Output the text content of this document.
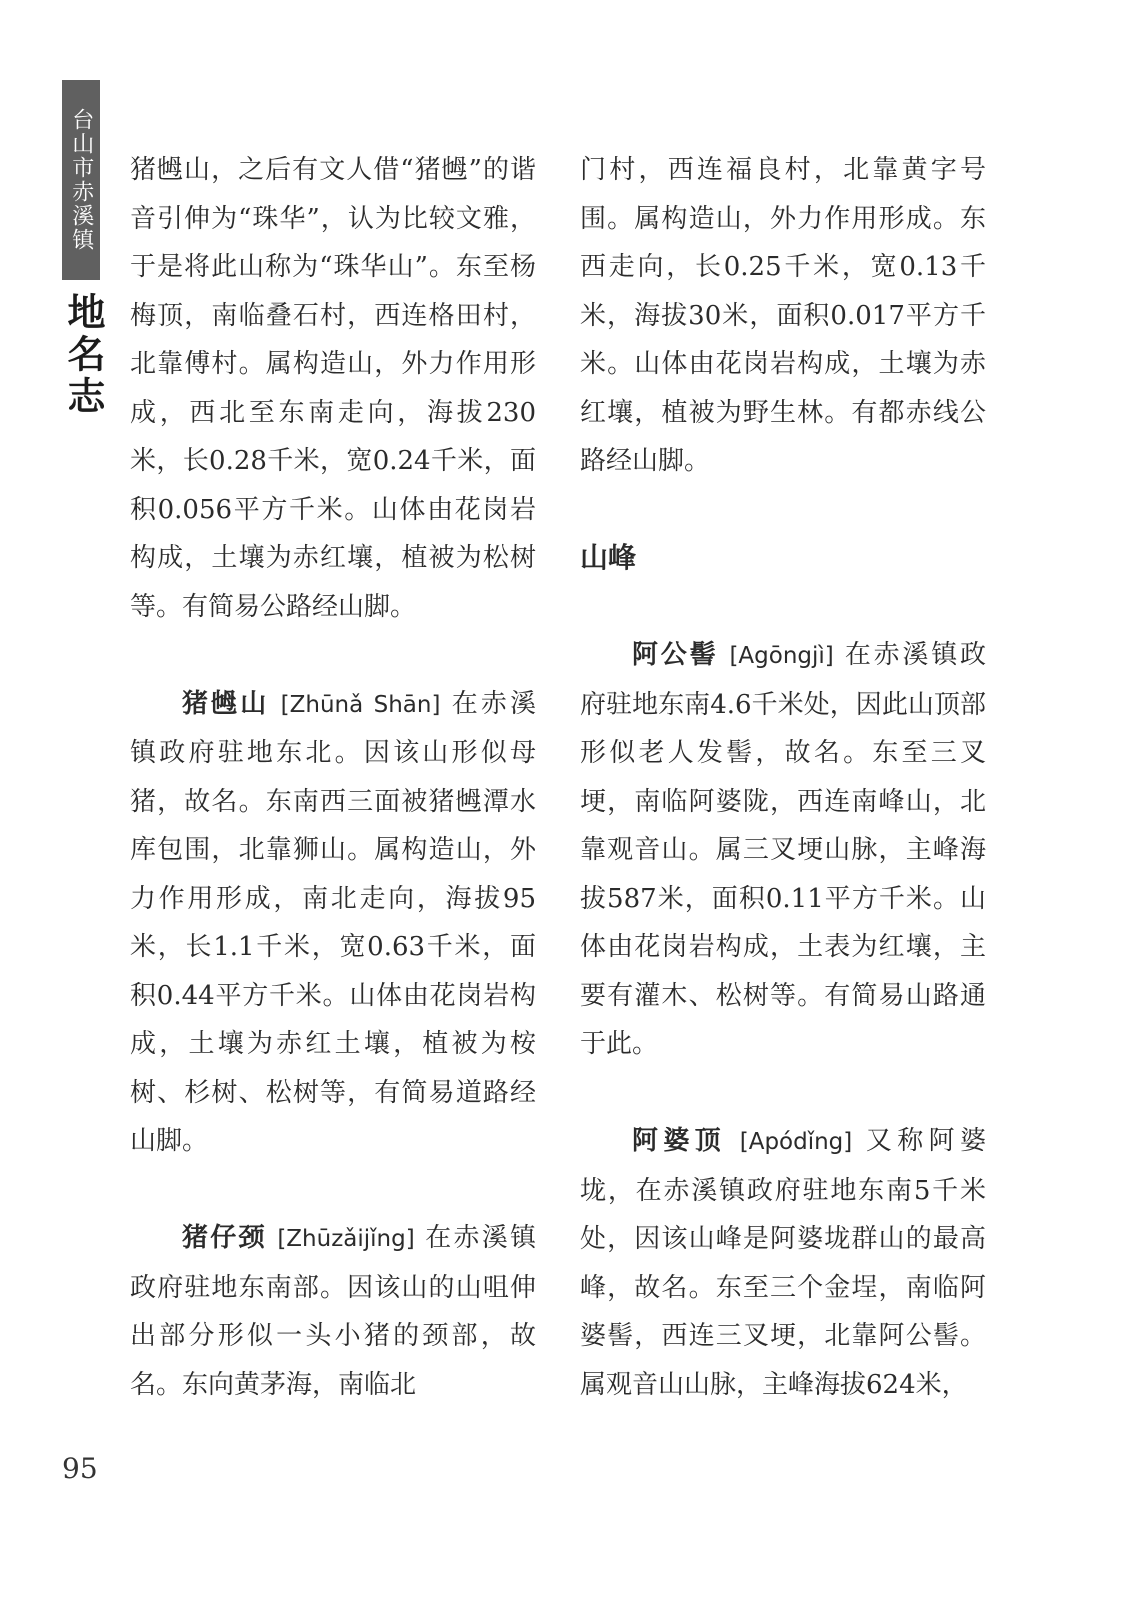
台山市赤溪镇
地名志

猪乸山，之后有文人借“猪乸”的谐音引伸为“珠华”，认为比较文雅，于是将此山称为“珠华山”。东至杨梅顶，南临叠石村，西连格田村，北靠傅村。属构造山，外力作用形成，西北至东南走向，海拔230米，长0.28千米，宽0.24千米，面积0.056平方千米。山体由花岗岩构成，土壤为赤红壤，植被为松树等。有简易公路经山脚。

猪乸山 [Zhūnǎ Shān] 在赤溪镇政府驻地东北。因该山形似母猪，故名。东南西三面被猪乸潭水库包围，北靠狮山。属构造山，外力作用形成，南北走向，海拔95米，长1.1千米，宽0.63千米，面积0.44平方千米。山体由花岗岩构成，土壤为赤红土壤，植被为桉树、杉树、松树等，有简易道路经山脚。

猪仔颈 [Zhūzǎijǐng] 在赤溪镇政府驻地东南部。因该山的山咀伸出部分形似一头小猪的颈部，故名。东向黄茅海，南临北

门村，西连福良村，北靠黄字号围。属构造山，外力作用形成。东西走向，长0.25千米，宽0.13千米，海拔30米，面积0.017平方千米。山体由花岗岩构成，土壤为赤红壤，植被为野生林。有都赤线公路经山脚。

山峰

阿公髻 [Agōngjì] 在赤溪镇政府驻地东南4.6千米处，因此山顶部形似老人发髻，故名。东至三叉埂，南临阿婆陇，西连南峰山，北靠观音山。属三叉埂山脉，主峰海拔587米，面积0.11平方千米。山体由花岗岩构成，土表为红壤，主要有灌木、松树等。有简易山路通于此。

阿婆顶 [Apódǐng] 又称阿婆垅，在赤溪镇政府驻地东南5千米处，因该山峰是阿婆垅群山的最高峰，故名。东至三个金埕，南临阿婆髻，西连三叉埂，北靠阿公髻。属观音山山脉，主峰海拔624米，

95
